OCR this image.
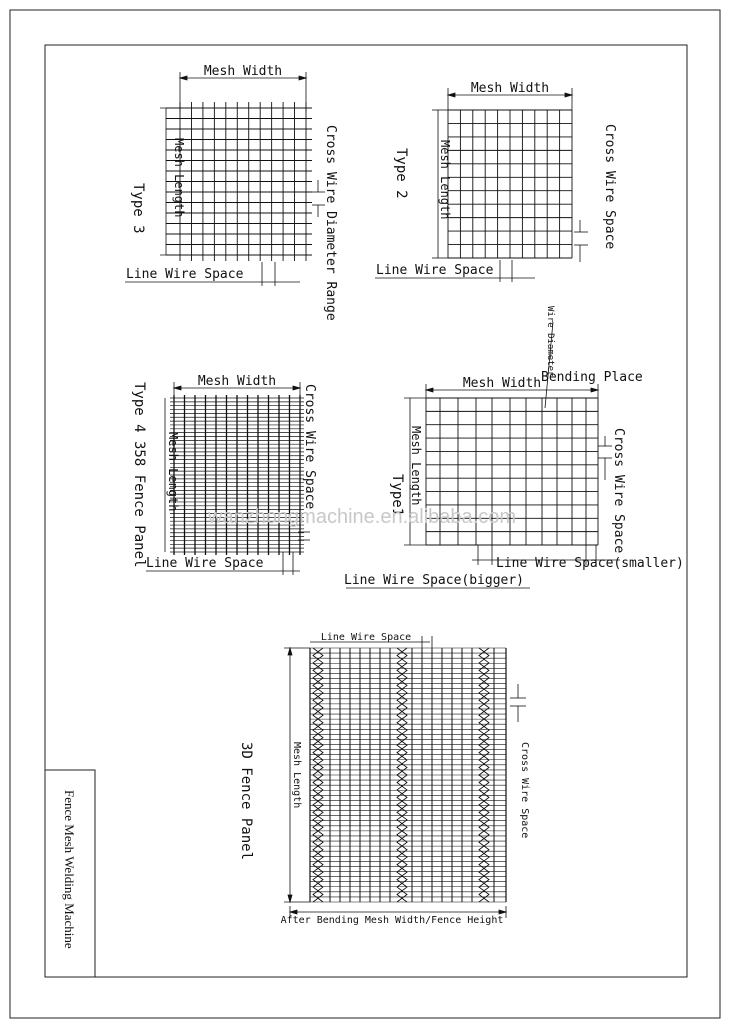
Fence Mesh Welding Machine
Mesh Width
Mesh Length
Type 3
Line Wire Space	Cross Wire Diameter Range
Mesh Width
Mesh Length
Type 2
Line Wire Space
Cross Wire Space
Mesh Width
Mesh Length
Type 4 358 Fence Panel Line Wire Space
Cross Wire Space
Mesh Width
Mesh Length
Type1
Wire Diameter
Bending Place
Cross Wire Space
Line Wire Space(smaller)
Line Wire Space(bigger)
Line Wire Space
Mesh Length
3D Fence Panel	Cross Wire Space
After Bending Mesh Width/Fence Height
wanzhongmachine.en.alibaba.com
